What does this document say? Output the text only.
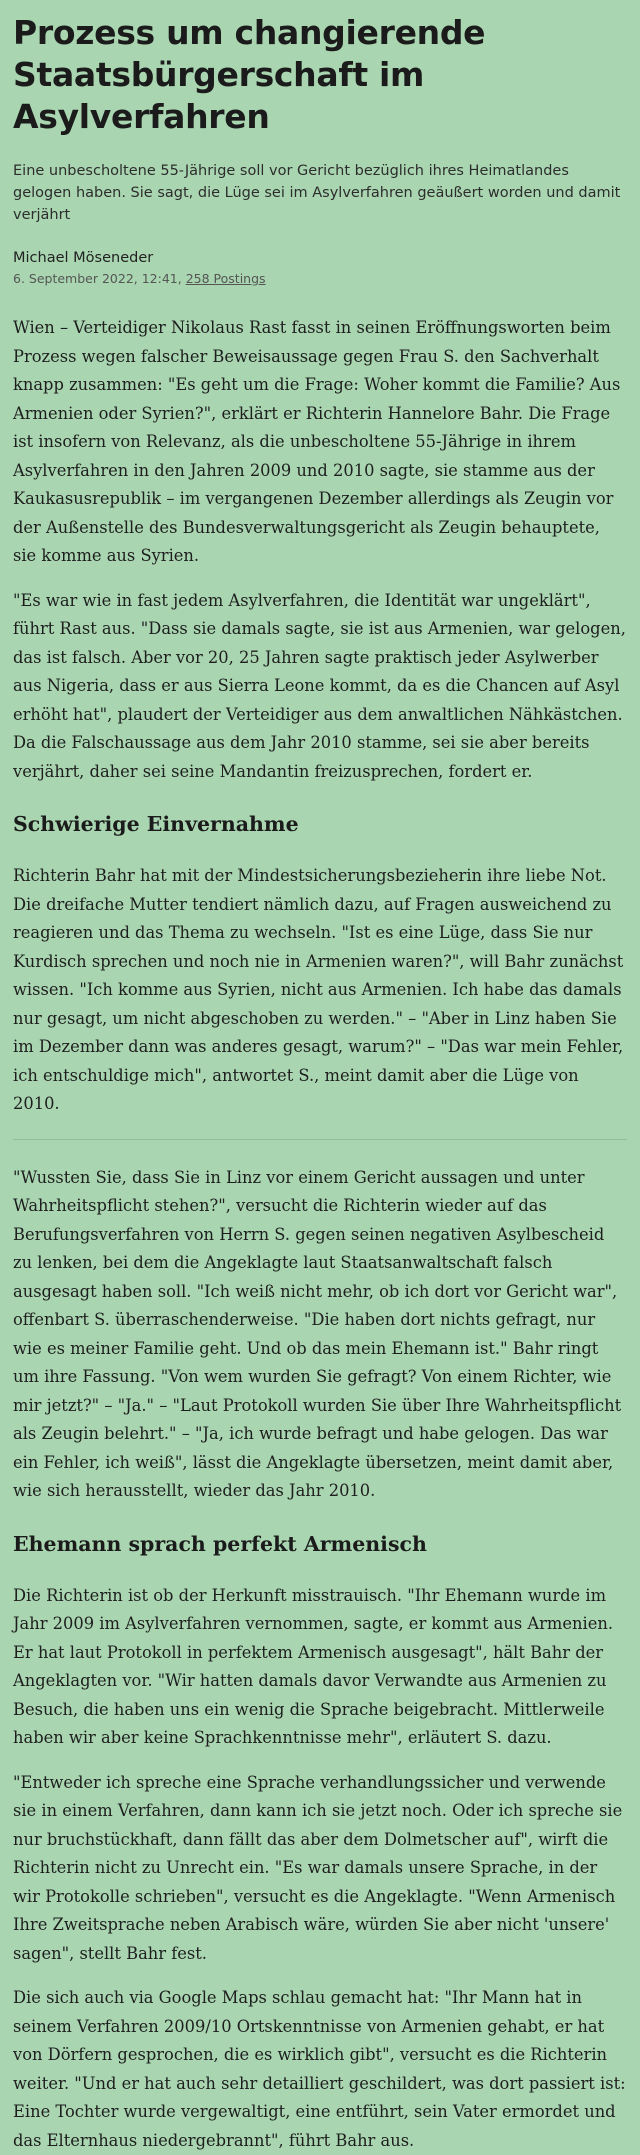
Prozess um changierende Staatsbürgerschaft im Asylverfahren

Eine unbescholtene 55-Jährige soll vor Gericht bezüglich ihres Heimatlandes gelogen haben. Sie sagt, die Lüge sei im Asylverfahren geäußert worden und damit verjährt

Michael Möseneder
6. September 2022, 12:41, 258 Postings

Wien – Verteidiger Nikolaus Rast fasst in seinen Eröffnungsworten beim Prozess wegen falscher Beweisaussage gegen Frau S. den Sachverhalt knapp zusammen: "Es geht um die Frage: Woher kommt die Familie? Aus Armenien oder Syrien?", erklärt er Richterin Hannelore Bahr. Die Frage ist insofern von Relevanz, als die unbescholtene 55-Jährige in ihrem Asylverfahren in den Jahren 2009 und 2010 sagte, sie stamme aus der Kaukasusrepublik – im vergangenen Dezember allerdings als Zeugin vor der Außenstelle des Bundesverwaltungsgericht als Zeugin behauptete, sie komme aus Syrien.

"Es war wie in fast jedem Asylverfahren, die Identität war ungeklärt", führt Rast aus. "Dass sie damals sagte, sie ist aus Armenien, war gelogen, das ist falsch. Aber vor 20, 25 Jahren sagte praktisch jeder Asylwerber aus Nigeria, dass er aus Sierra Leone kommt, da es die Chancen auf Asyl erhöht hat", plaudert der Verteidiger aus dem anwaltlichen Nähkästchen. Da die Falschaussage aus dem Jahr 2010 stamme, sei sie aber bereits verjährt, daher sei seine Mandantin freizusprechen, fordert er.

Schwierige Einvernahme

Richterin Bahr hat mit der Mindestsicherungsbezieherin ihre liebe Not. Die dreifache Mutter tendiert nämlich dazu, auf Fragen ausweichend zu reagieren und das Thema zu wechseln. "Ist es eine Lüge, dass Sie nur Kurdisch sprechen und noch nie in Armenien waren?", will Bahr zunächst wissen. "Ich komme aus Syrien, nicht aus Armenien. Ich habe das damals nur gesagt, um nicht abgeschoben zu werden." – "Aber in Linz haben Sie im Dezember dann was anderes gesagt, warum?" – "Das war mein Fehler, ich entschuldige mich", antwortet S., meint damit aber die Lüge von 2010.

"Wussten Sie, dass Sie in Linz vor einem Gericht aussagen und unter Wahrheitspflicht stehen?", versucht die Richterin wieder auf das Berufungsverfahren von Herrn S. gegen seinen negativen Asylbescheid zu lenken, bei dem die Angeklagte laut Staatsanwaltschaft falsch ausgesagt haben soll. "Ich weiß nicht mehr, ob ich dort vor Gericht war", offenbart S. überraschenderweise. "Die haben dort nichts gefragt, nur wie es meiner Familie geht. Und ob das mein Ehemann ist." Bahr ringt um ihre Fassung. "Von wem wurden Sie gefragt? Von einem Richter, wie mir jetzt?" – "Ja." – "Laut Protokoll wurden Sie über Ihre Wahrheitspflicht als Zeugin belehrt." – "Ja, ich wurde befragt und habe gelogen. Das war ein Fehler, ich weiß", lässt die Angeklagte übersetzen, meint damit aber, wie sich herausstellt, wieder das Jahr 2010.

Ehemann sprach perfekt Armenisch

Die Richterin ist ob der Herkunft misstrauisch. "Ihr Ehemann wurde im Jahr 2009 im Asylverfahren vernommen, sagte, er kommt aus Armenien. Er hat laut Protokoll in perfektem Armenisch ausgesagt", hält Bahr der Angeklagten vor. "Wir hatten damals davor Verwandte aus Armenien zu Besuch, die haben uns ein wenig die Sprache beigebracht. Mittlerweile haben wir aber keine Sprachkenntnisse mehr", erläutert S. dazu.

"Entweder ich spreche eine Sprache verhandlungssicher und verwende sie in einem Verfahren, dann kann ich sie jetzt noch. Oder ich spreche sie nur bruchstückhaft, dann fällt das aber dem Dolmetscher auf", wirft die Richterin nicht zu Unrecht ein. "Es war damals unsere Sprache, in der wir Protokolle schrieben", versucht es die Angeklagte. "Wenn Armenisch Ihre Zweitsprache neben Arabisch wäre, würden Sie aber nicht 'unsere' sagen", stellt Bahr fest.

Die sich auch via Google Maps schlau gemacht hat: "Ihr Mann hat in seinem Verfahren 2009/10 Ortskenntnisse von Armenien gehabt, er hat von Dörfern gesprochen, die es wirklich gibt", versucht es die Richterin weiter. "Und er hat auch sehr detailliert geschildert, was dort passiert ist: Eine Tochter wurde vergewaltigt, eine entführt, sein Vater ermordet und das Elternhaus niedergebrannt", führt Bahr aus.
